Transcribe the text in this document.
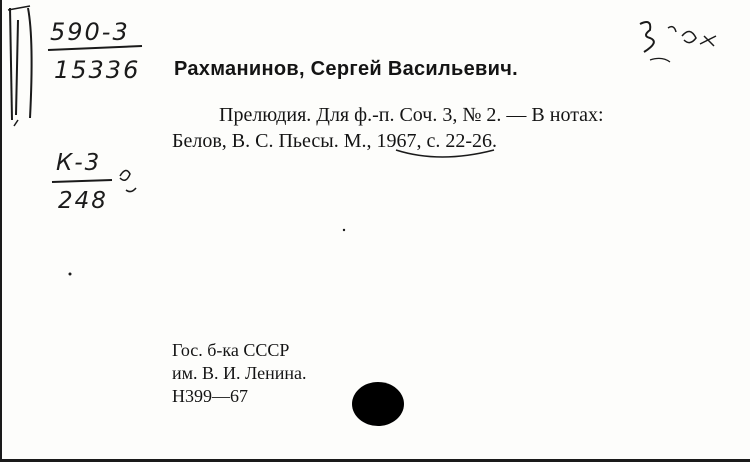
590-3
15336
К-3
248
Рахманинов, Сергей Васильевич.
Прелюдия. Для ф.-п. Соч. 3, № 2. — В нотах:
Белов, В. С. Пьесы. М., 1967, с. 22-26.
Гос. б-ка СССР
им. В. И. Ленина.
Н399—67
